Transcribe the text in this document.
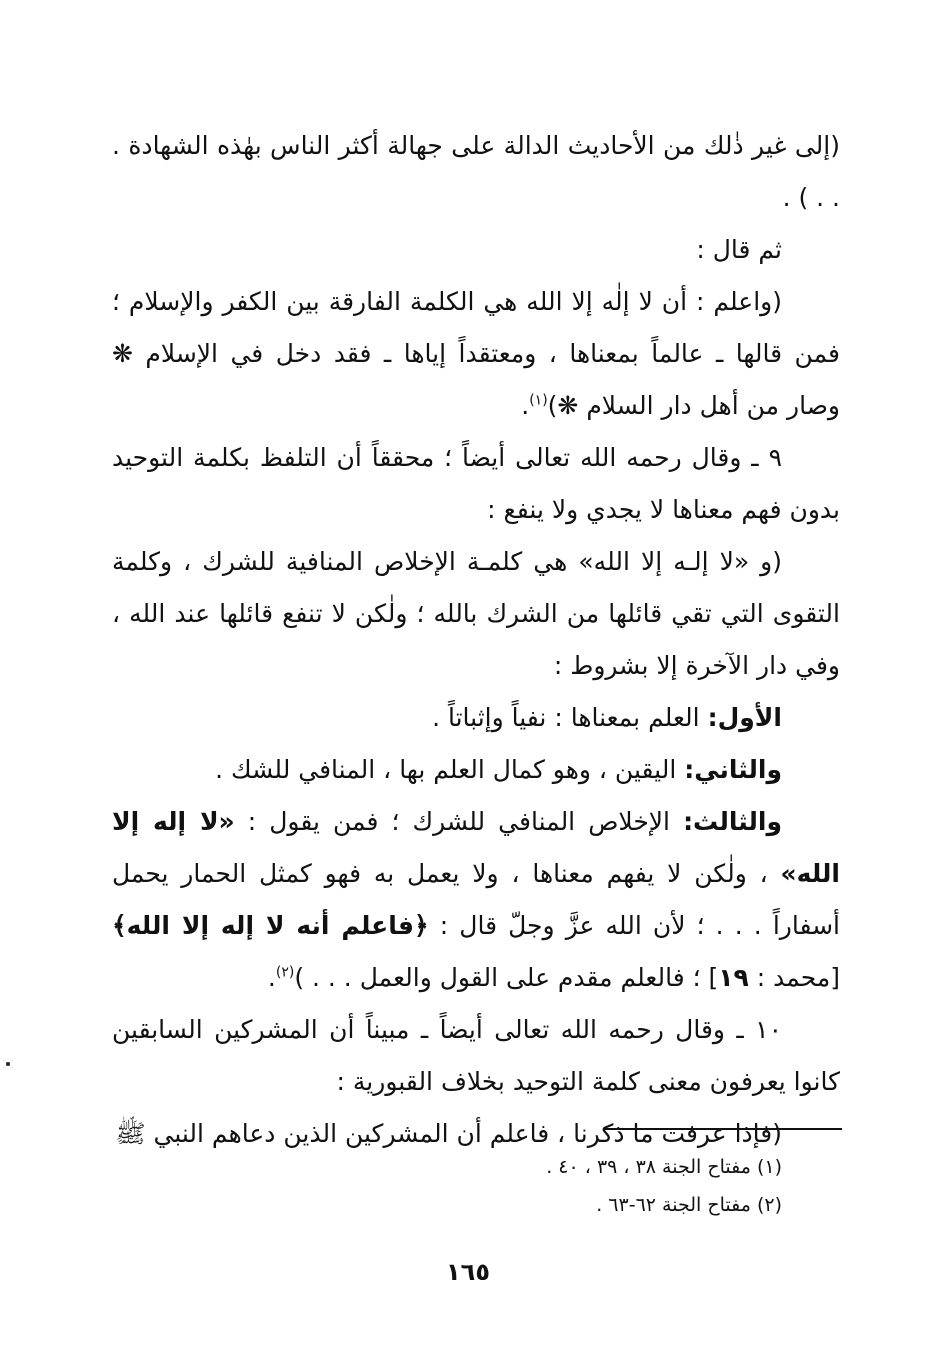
(إلى غير ذٰلك من الأحاديث الدالة على جهالة أكثر الناس بهٰذه الشهادة . . . ) .

ثم قال :

(واعلم : أن لا إلٰه إلا الله هي الكلمة الفارقة بين الكفر والإسلام ؛ فمن قالها ـ عالماً بمعناها ، ومعتقداً إياها ـ فقد دخل في الإسلام ❋ وصار من أهل دار السلام ❋)$^{(١)}$.

٩ ـ وقال رحمه الله تعالى أيضاً ؛ محققاً أن التلفظ بكلمة التوحيد بدون فهم معناها لا يجدي ولا ينفع :

(و «لا إلـه إلا الله» هي كلمـة الإخلاص المنافية للشرك ، وكلمة التقوى التي تقي قائلها من الشرك بالله ؛ ولٰكن لا تنفع قائلها عند الله ، وفي دار الآخرة إلا بشروط :

الأول: العلم بمعناها : نفياً وإثباتاً .

والثاني: اليقين ، وهو كمال العلم بها ، المنافي للشك .

والثالث: الإخلاص المنافي للشرك ؛ فمن يقول : «لا إله إلا الله» ، ولٰكن لا يفهم معناها ، ولا يعمل به فهو كمثل الحمار يحمل أسفاراً . . . ؛ لأن الله عزَّ وجلّ قال : ﴿فاعلم أنه لا إله إلا الله﴾ [محمد : ١٩] ؛ فالعلم مقدم على القول والعمل . . . )$^{(٢)}$.

١٠ ـ وقال رحمه الله تعالى أيضاً ـ مبيناً أن المشركين السابقين كانوا يعرفون معنى كلمة التوحيد بخلاف القبورية :

(فإذا عرفت ما ذكرنا ، فاعلم أن المشركين الذين دعاهم النبي ﷺ

(١) مفتاح الجنة ٣٨ ، ٣٩ ، ٤٠ .

(٢) مفتاح الجنة ٦٢-٦٣ .

١٦٥
